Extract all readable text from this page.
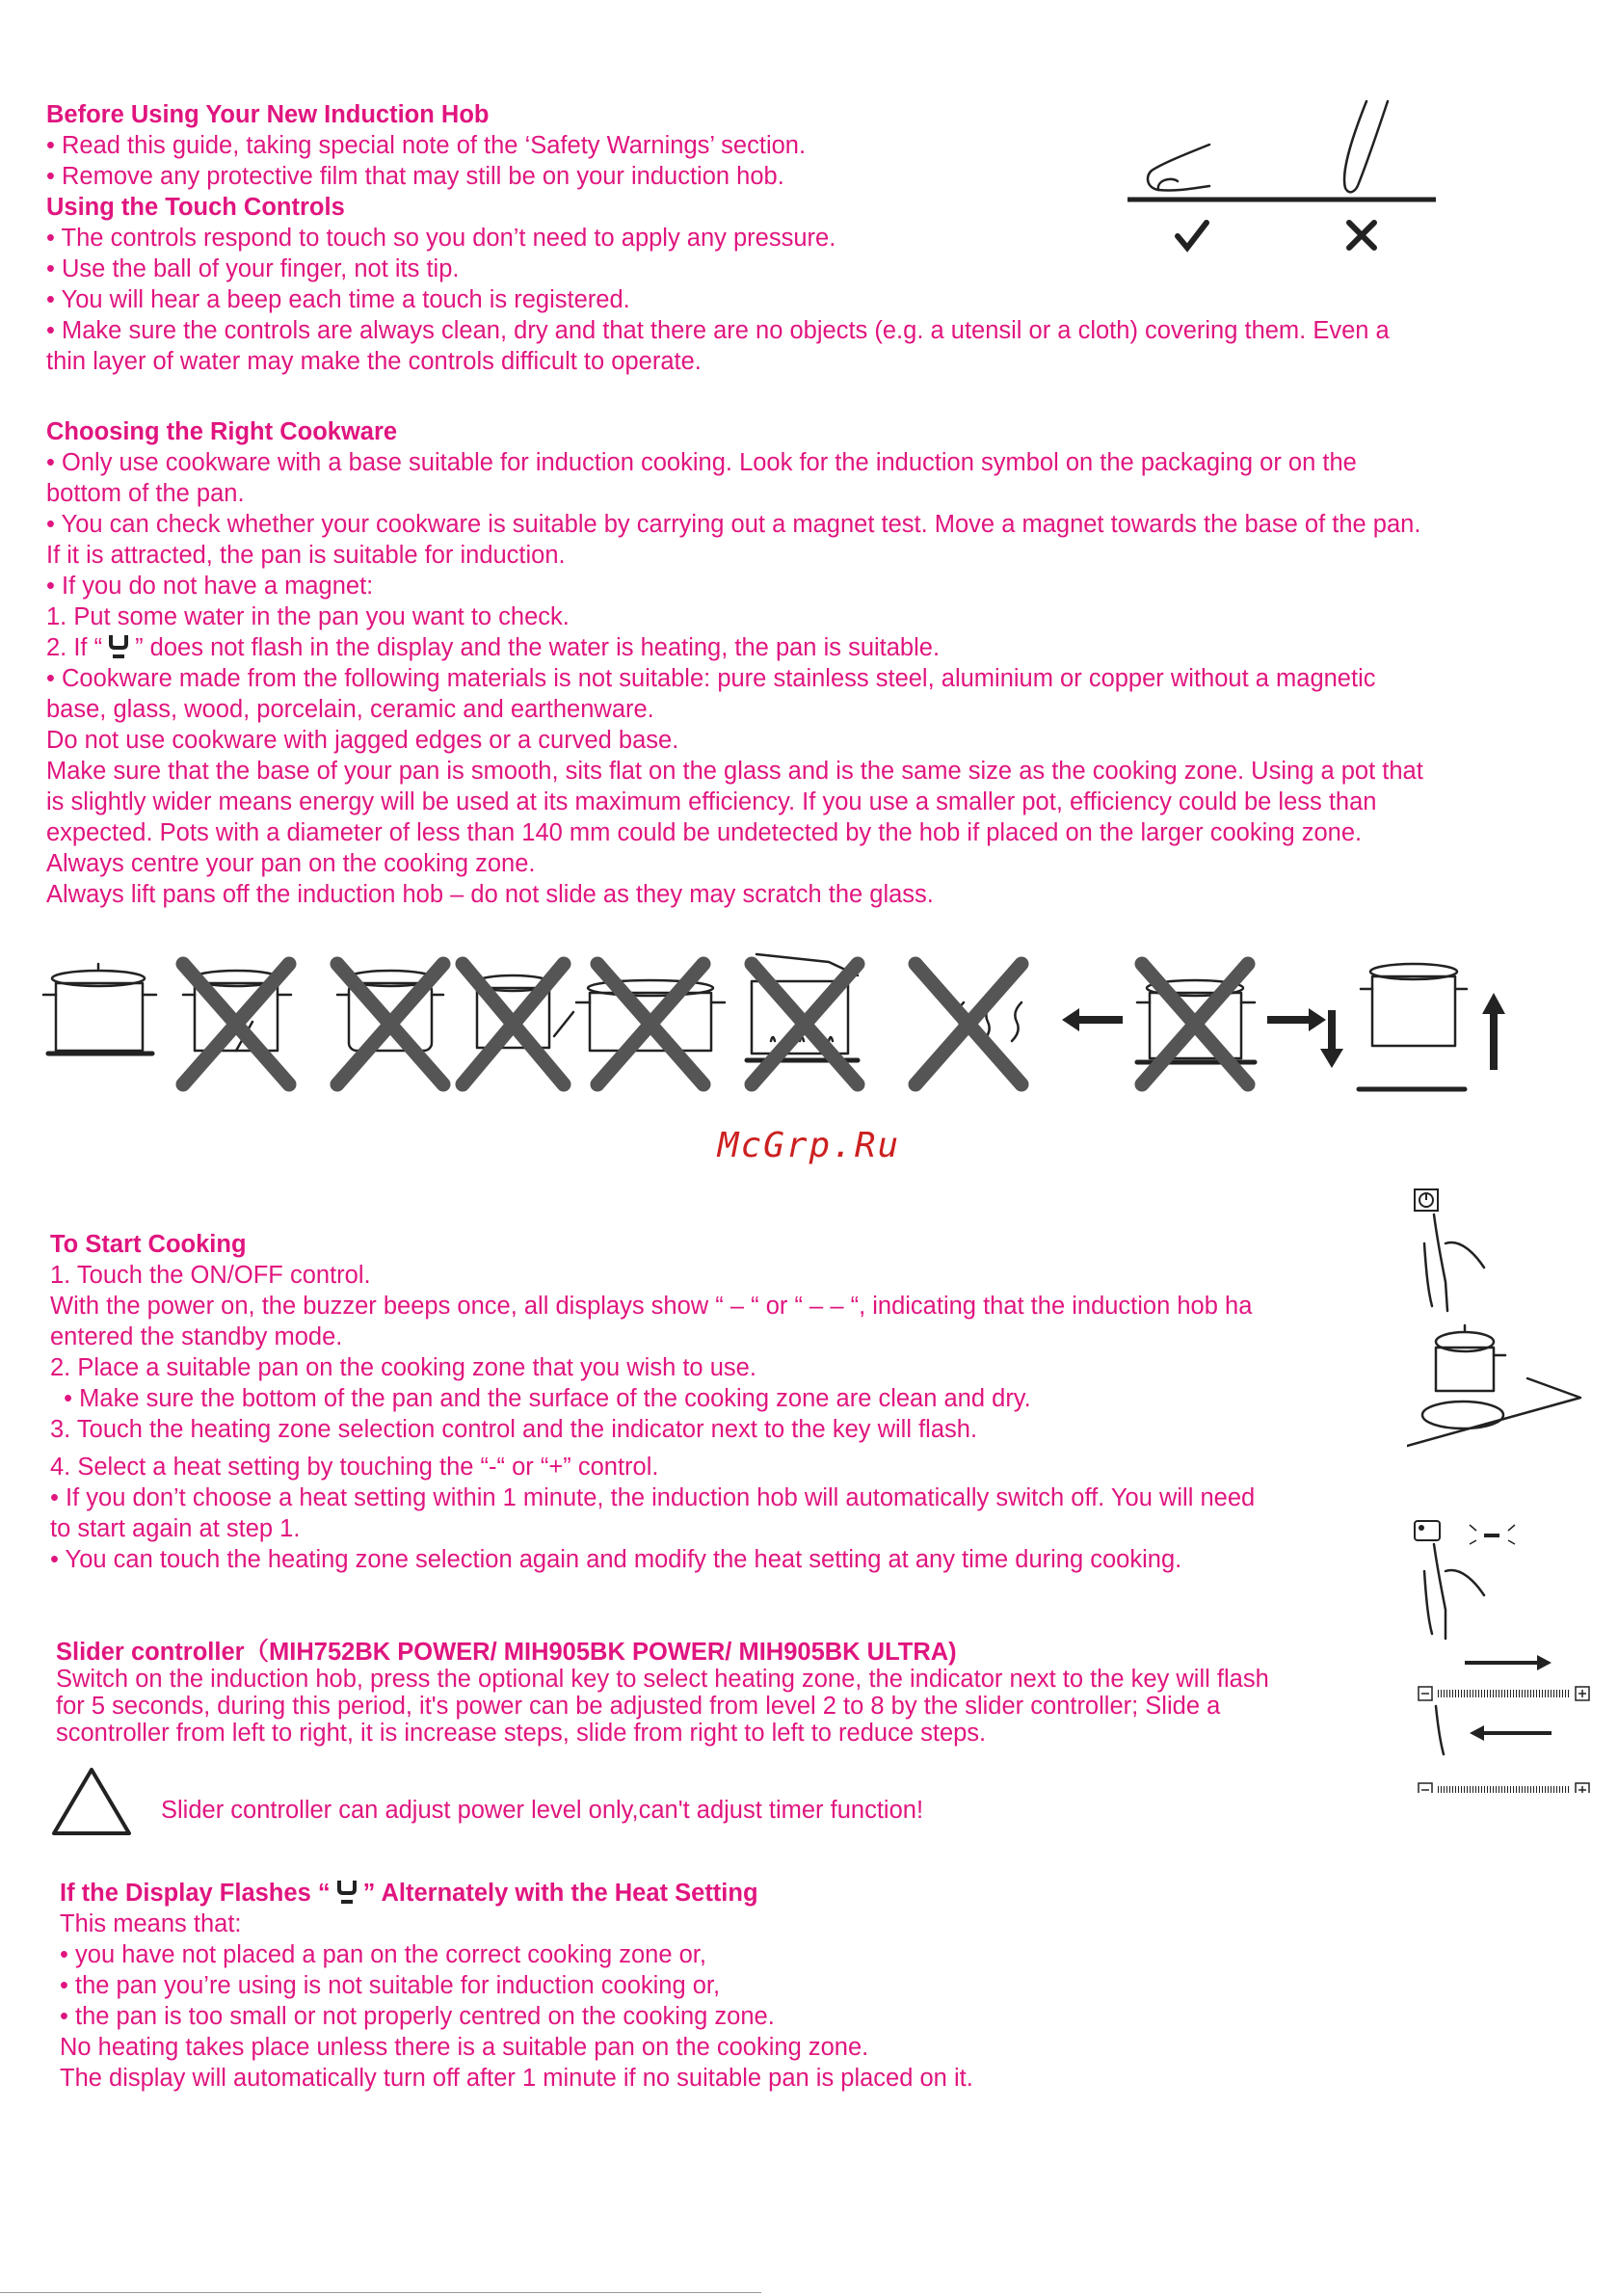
Before Using Your New Induction Hob

• Read this guide, taking special note of the ‘Safety Warnings’ section.

• Remove any protective film that may still be on your induction hob.

Using the Touch Controls

• The controls respond to touch so you don’t need to apply any pressure.

• Use the ball of your finger, not its tip.

• You will hear a beep each time a touch is registered.

• Make sure the controls are always clean, dry and that there are no objects (e.g. a utensil or a cloth) covering them. Even a

thin layer of water may make the controls difficult to operate.

Choosing the Right Cookware

• Only use cookware with a base suitable for induction cooking. Look for the induction symbol on the packaging or on the

bottom of the pan.

• You can check whether your cookware is suitable by carrying out a magnet test. Move a magnet towards the base of the pan.

If it is attracted, the pan is suitable for induction.

• If you do not have a magnet:

1. Put some water in the pan you want to check.

2. If “ ” does not flash in the display and the water is heating, the pan is suitable.

• Cookware made from the following materials is not suitable: pure stainless steel, aluminium or copper without a magnetic

base, glass, wood, porcelain, ceramic and earthenware.

Do not use cookware with jagged edges or a curved base.

Make sure that the base of your pan is smooth, sits flat on the glass and is the same size as the cooking zone. Using a pot that

is slightly wider means energy will be used at its maximum efficiency. If you use a smaller pot, efficiency could be less than

expected. Pots with a diameter of less than 140 mm could be undetected by the hob if placed on the larger cooking zone.

Always centre your pan on the cooking zone.

Always lift pans off the induction hob – do not slide as they may scratch the glass.

McGrp.Ru

To Start Cooking

1. Touch the ON/OFF control.

With the power on, the buzzer beeps once, all displays show “ – “ or “ – – “, indicating that the induction hob ha

entered the standby mode.

2. Place a suitable pan on the cooking zone that you wish to use.

• Make sure the bottom of the pan and the surface of the cooking zone are clean and dry.

3. Touch the heating zone selection control and the indicator next to the key will flash.

4. Select a heat setting by touching the “-“ or “+” control.

• If you don’t choose a heat setting within 1 minute, the induction hob will automatically switch off. You will need

to start again at step 1.

• You can touch the heating zone selection again and modify the heat setting at any time during cooking.

Slider controller（MIH752BK POWER/ MIH905BK POWER/ MIH905BK ULTRA)

Switch on the induction hob, press the optional key to select heating zone, the indicator next to the key will flash

for 5 seconds, during this period, it's power can be adjusted from level 2 to 8 by the slider controller; Slide a

scontroller from left to right, it is increase steps, slide from right to left to reduce steps.

Slider controller can adjust power level only,can't adjust timer function!

If the Display Flashes “ ” Alternately with the Heat Setting

This means that:

• you have not placed a pan on the correct cooking zone or,

• the pan you’re using is not suitable for induction cooking or,

• the pan is too small or not properly centred on the cooking zone.

No heating takes place unless there is a suitable pan on the cooking zone.

The display will automatically turn off after 1 minute if no suitable pan is placed on it.
